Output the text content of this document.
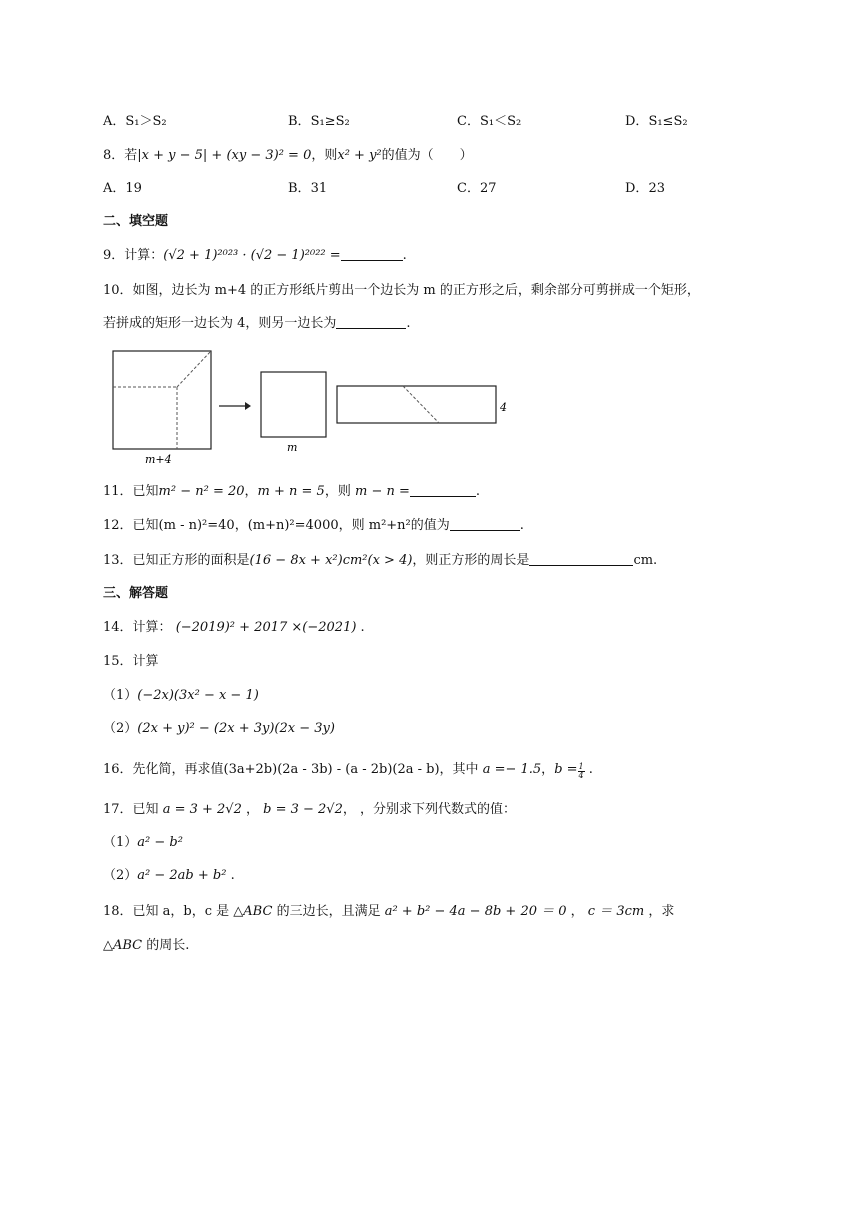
A．S₁＞S₂	B．S₁≥S₂	C．S₁＜S₂	D．S₁≤S₂
8．若|x + y − 5| + (xy − 3)² = 0，则x² + y²的值为（　　）
A．19	B．31	C．27	D．23
二、填空题
9．计算：(√2 + 1)²⁰²³ · (√2 − 1)²⁰²² =	.
10．如图，边长为 m+4 的正方形纸片剪出一个边长为 m 的正方形之后，剩余部分可剪拼成一个矩形，
若拼成的矩形一边长为 4，则另一边长为	.
m+4
m
4
11．已知m² − n² = 20，m + n = 5，则 m − n =	.
12．已知(m - n)²=40，(m+n)²=4000，则 m²+n²的值为	.
13．已知正方形的面积是(16 − 8x + x²)cm²(x > 4)，则正方形的周长是	cm.
三、解答题
14．计算： (−2019)² + 2017 ×(−2021) .
15．计算
（1）(−2x)(3x² − x − 1)
（2）(2x + y)² − (2x + 3y)(2x − 3y)
16．先化简，再求值(3a+2b)(2a - 3b) - (a - 2b)(2a - b)，其中 a =− 1.5，$b = \frac{1}{4}$ .
17．已知 a = 3 + 2√2 ， b = 3 − 2√2， ，分别求下列代数式的值：
（1）a² − b²
（2）a² − 2ab + b² .
18．已知 a，b，c 是 △ABC 的三边长，且满足 a² + b² − 4a − 8b + 20 ＝ 0 ， c ＝ 3cm ，求
△ABC 的周长.
